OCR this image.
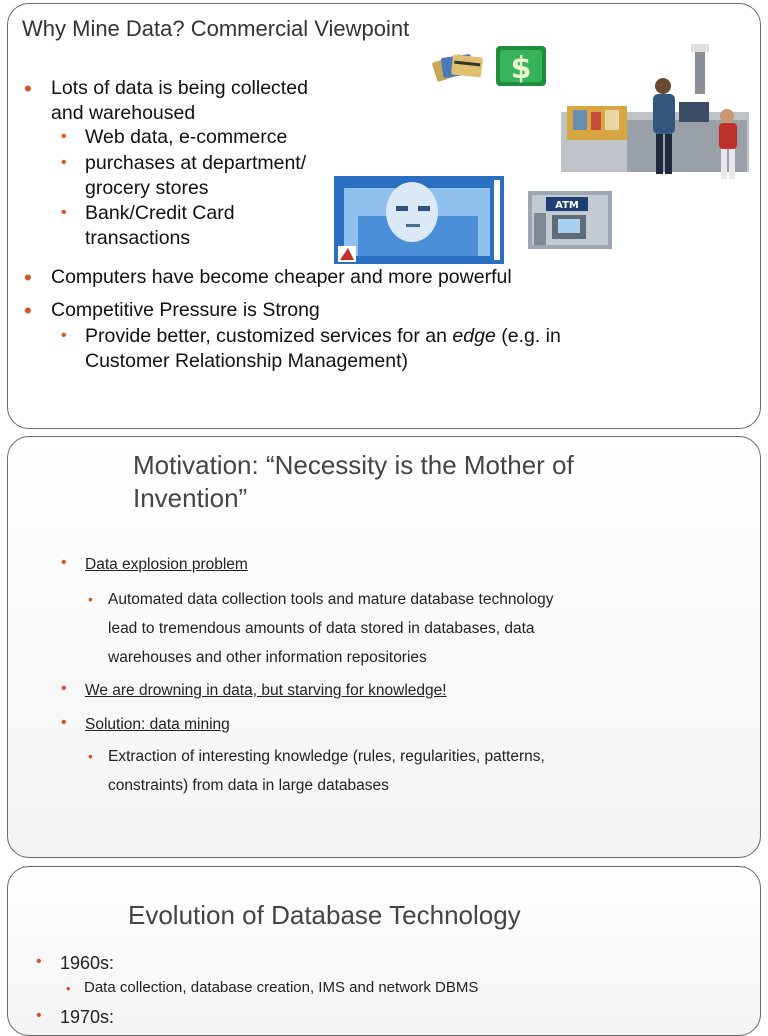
Why Mine Data? Commercial Viewpoint
• Lots of data is being collected
and warehoused
• Web data, e-commerce
• purchases at department/
grocery stores
• Bank/Credit Card
transactions
• Computers have become cheaper and more powerful
• Competitive Pressure is Strong
• Provide better, customized services for an edge (e.g. in
Customer Relationship Management)
$
ATM
Motivation: “Necessity is the Mother of
Invention”
• Data explosion problem
• Automated data collection tools and mature database technology
lead to tremendous amounts of data stored in databases, data
warehouses and other information repositories
• We are drowning in data, but starving for knowledge!
• Solution: data mining
• Extraction of interesting knowledge (rules, regularities, patterns,
constraints) from data in large databases
Evolution of Database Technology
• 1960s:
• Data collection, database creation, IMS and network DBMS
• 1970s:
